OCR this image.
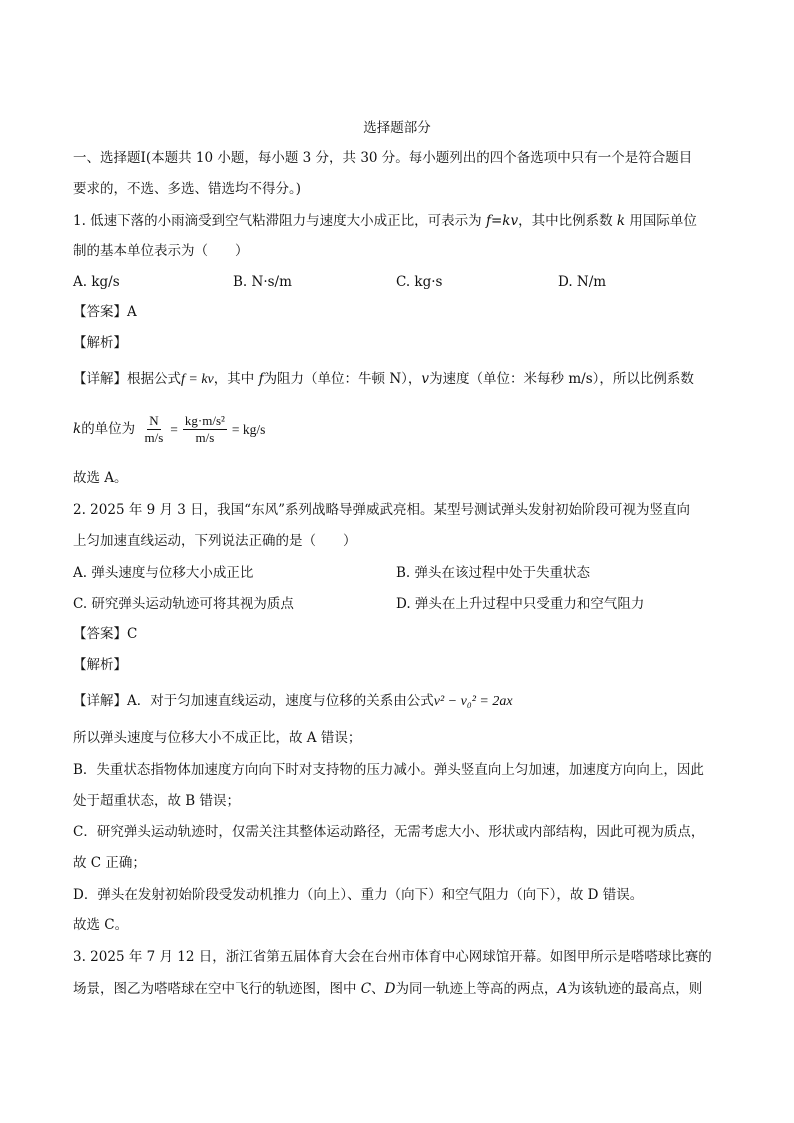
选择题部分
一、选择题Ⅰ(本题共 10 小题，每小题 3 分，共 30 分。每小题列出的四个备选项中只有一个是符合题目
要求的，不选、多选、错选均不得分。)
1. 低速下落的小雨滴受到空气粘滞阻力与速度大小成正比，可表示为 f=kv，其中比例系数 k 用国际单位
制的基本单位表示为（　　）
A. kg/s	B. N·s/m	C. kg·s	D. N/m
【答案】A
【解析】
【详解】根据公式f = kv，其中 f为阻力（单位：牛顿 N），v为速度（单位：米每秒 m/s），所以比例系数
k的单位为 $\frac{N}{m/s} = \frac{\text{kg·m/s²}}{m/s} = kg/s$
故选 A。
2. 2025 年 9 月 3 日，我国“东风”系列战略导弹威武亮相。某型号测试弹头发射初始阶段可视为竖直向
上匀加速直线运动，下列说法正确的是（　　）
A. 弹头速度与位移大小成正比	B. 弹头在该过程中处于失重状态
C. 研究弹头运动轨迹可将其视为质点	D. 弹头在上升过程中只受重力和空气阻力
【答案】C
【解析】
【详解】A．对于匀加速直线运动，速度与位移的关系由公式v² − v₀² = 2ax
所以弹头速度与位移大小不成正比，故 A 错误；
B．失重状态指物体加速度方向向下时对支持物的压力减小。弹头竖直向上匀加速，加速度方向向上，因此
处于超重状态，故 B 错误；
C．研究弹头运动轨迹时，仅需关注其整体运动路径，无需考虑大小、形状或内部结构，因此可视为质点，
故 C 正确；
D．弹头在发射初始阶段受发动机推力（向上）、重力（向下）和空气阻力（向下），故 D 错误。
故选 C。
3. 2025 年 7 月 12 日，浙江省第五届体育大会在台州市体育中心网球馆开幕。如图甲所示是嗒嗒球比赛的
场景，图乙为嗒嗒球在空中飞行的轨迹图，图中 C、D为同一轨迹上等高的两点，A为该轨迹的最高点，则
